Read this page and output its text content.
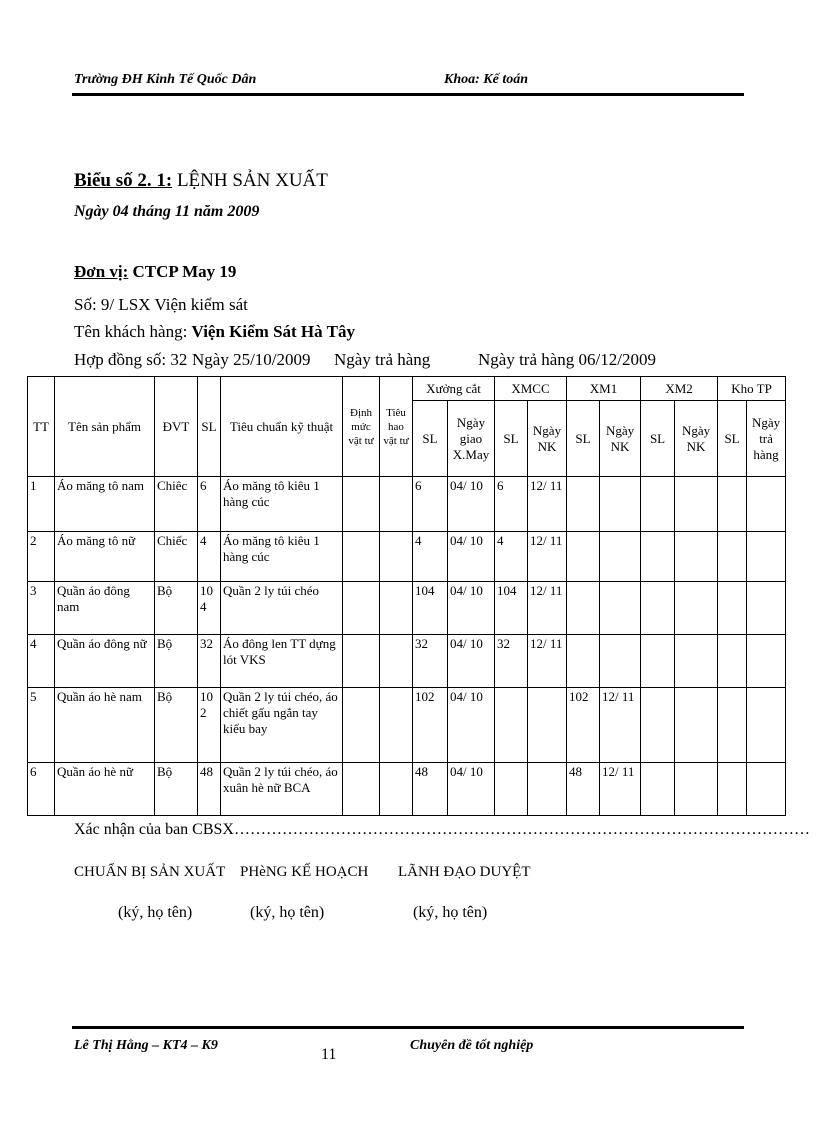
Trường ĐH Kinh Tế Quốc Dân	Khoa: Kế toán
Biểu số 2. 1: LỆNH SẢN XUẤT
Ngày 04 tháng 11 năm 2009
Đơn vị: CTCP May 19
Số: 9/ LSX Viện kiểm sát
Tên khách hàng: Viện Kiểm Sát Hà Tây
Hợp đồng số: 32 Ngày 25/10/2009 Ngày trả hàng	Ngày trả hàng 06/12/2009
TT	Tên sản phẩm	ĐVT	SL	Tiêu chuẩn kỹ thuật	Định mức vật tư	Tiêu hao vật tư	Xưởng cắt		XMCC		XM1		XM2		Kho TP	
							SL	Ngày giao X.May	SL	Ngày NK	SL	Ngày NK	SL	Ngày NK	SL	Ngày trả hàng
1	Áo măng tô nam	Chiêc	6	Áo măng tô kiêu 1 hàng cúc			6	04/ 10	6	12/ 11						
2	Áo măng tô nữ	Chiếc	4	Áo măng tô kiêu 1 hàng cúc			4	04/ 10	4	12/ 11						
3	Quần áo đông nam	Bộ	10 4	Quần 2 ly túi chéo			104	04/ 10	104	12/ 11						
4	Quần áo đông nữ	Bộ	32	Áo đông len TT dựng lót VKS			32	04/ 10	32	12/ 11						
5	Quần áo hè nam	Bộ	10 2	Quần 2 ly túi chéo, áo chiết gấu ngắn tay kiểu bay			102	04/ 10			102	12/ 11				
6	Quần áo hè nữ	Bộ	48	Quần 2 ly túi chéo, áo xuân hè nữ BCA			48	04/ 10			48	12/ 11				
Xác nhận của ban CBSX………………………………………………………………………………………………
CHUẨN BỊ SẢN XUẤT PHèNG KẾ HOẠCH LÃNH ĐẠO DUYỆT
(ký, họ tên)	(ký, họ tên)	(ký, họ tên)
Lê Thị Hằng – KT4 – K9
11
Chuyên đề tốt nghiệp
